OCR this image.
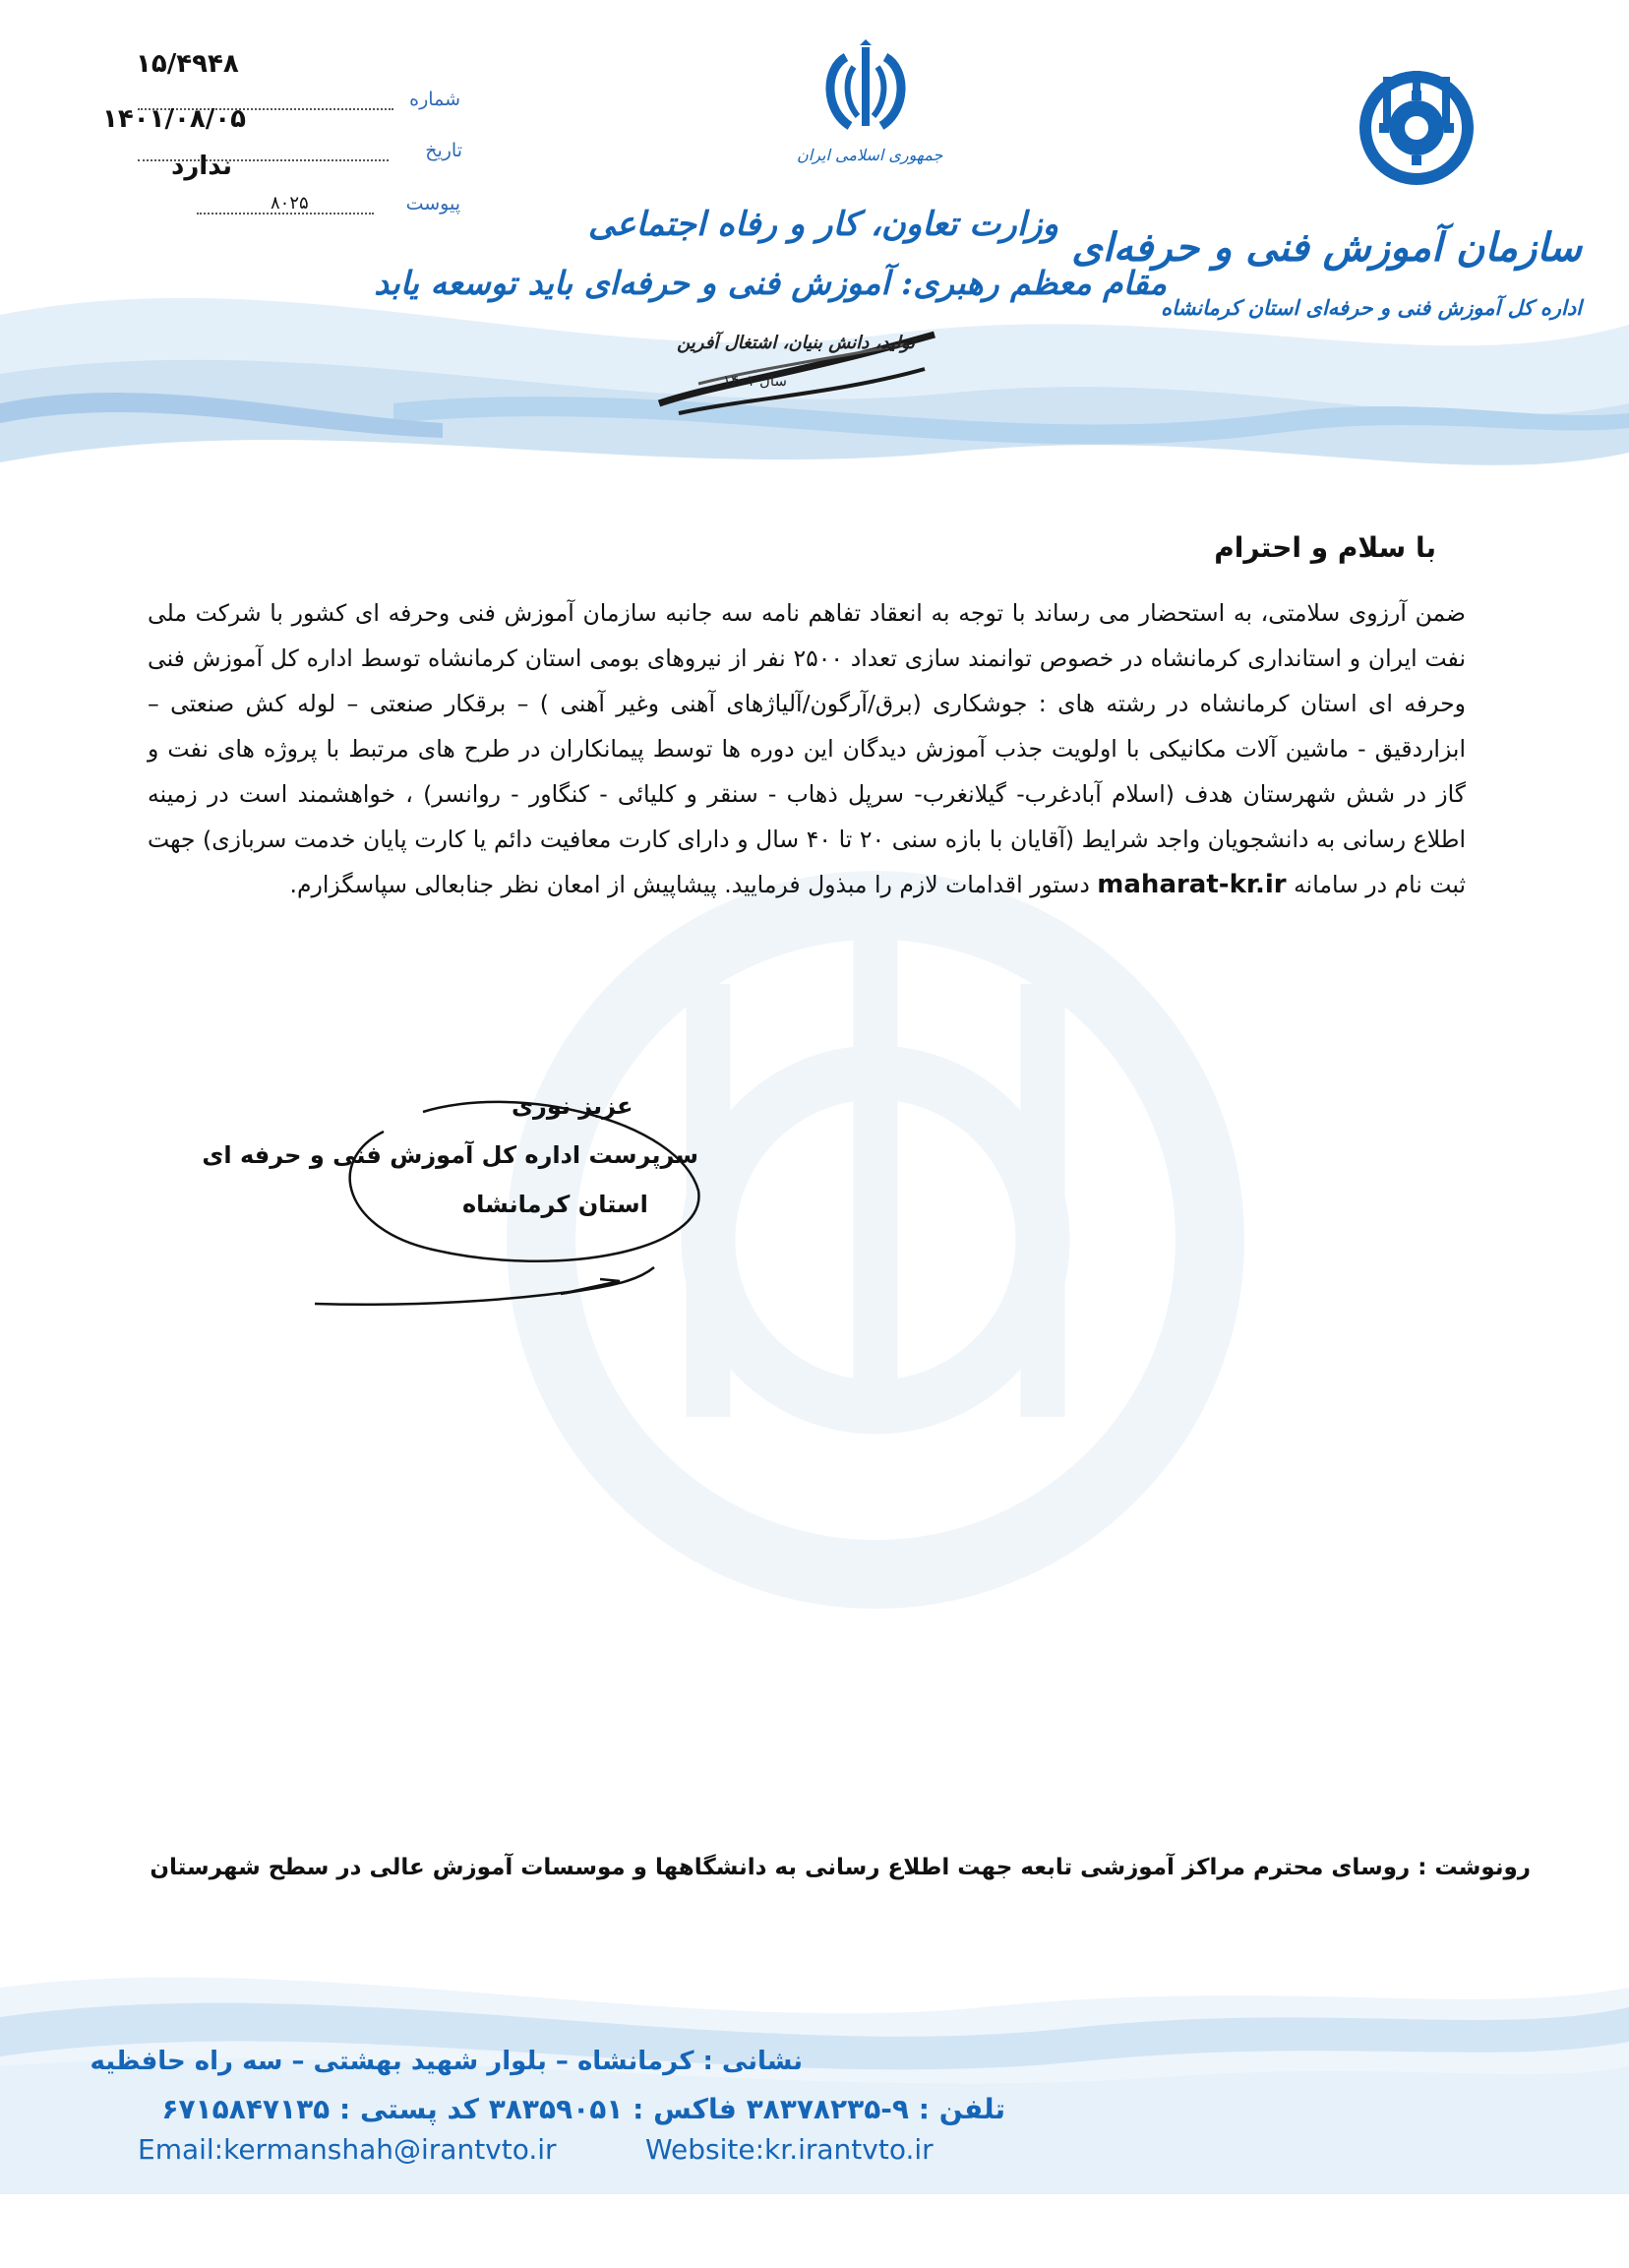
۱۵/۴۹۴۸
شماره
۱۴۰۱/۰۸/۰۵
تاریخ
ندارد
پیوست
۸۰۲۵
جمهوری اسلامی ایران
وزارت تعاون، کار و رفاه اجتماعی
مقام معظم رهبری: آموزش فنی و حرفه‌ای باید توسعه یابد
تولید، دانش بنیان، اشتغال آفرین
سال ۱۴۰۱
سازمان آموزش فنی و حرفه‌ای
اداره کل آموزش فنی و حرفه‌ای استان کرمانشاه
با سلام و احترام
ضمن آرزوی سلامتی، به استحضار می رساند با توجه به انعقاد تفاهم نامه سه جانبه سازمان آموزش فنی وحرفه ای کشور با شرکت ملی نفت ایران و استانداری کرمانشاه در خصوص توانمند سازی تعداد ۲۵۰۰ نفر از نیروهای بومی استان کرمانشاه توسط اداره کل آموزش فنی وحرفه ای استان کرمانشاه در رشته های : جوشکاری (برق/آرگون/آلیاژهای آهنی وغیر آهنی ) – برقکار صنعتی – لوله کش صنعتی – ابزاردقیق - ماشین آلات مکانیکی با اولویت جذب آموزش دیدگان این دوره ها توسط پیمانکاران در طرح های مرتبط با پروژه های نفت و گاز در شش شهرستان هدف (اسلام آبادغرب- گیلانغرب- سرپل ذهاب - سنقر و کلیائی - کنگاور - روانسر) ، خواهشمند است در زمینه اطلاع رسانی به دانشجویان واجد شرایط (آقایان با بازه سنی ۲۰ تا ۴۰ سال و دارای کارت معافیت دائم یا کارت پایان خدمت سربازی) جهت ثبت نام در سامانه maharat-kr.ir دستور اقدامات لازم را مبذول فرمایید. پیشاپیش از امعان نظر جنابعالی سپاسگزارم.
عزیز نوری
سرپرست اداره کل آموزش فنی و حرفه ای
استان کرمانشاه
رونوشت : روسای محترم مراکز آموزشی تابعه جهت اطلاع رسانی به دانشگاهها و موسسات آموزش عالی در سطح شهرستان
نشانی : کرمانشاه – بلوار شهید بهشتی – سه راه حافظیه
تلفن : ۹-۳۸۳۷۸۲۳۵ فاکس : ۳۸۳۵۹۰۵۱ کد پستی : ۶۷۱۵۸۴۷۱۳۵
Email:kermanshah@irantvto.ir	Website:kr.irantvto.ir
